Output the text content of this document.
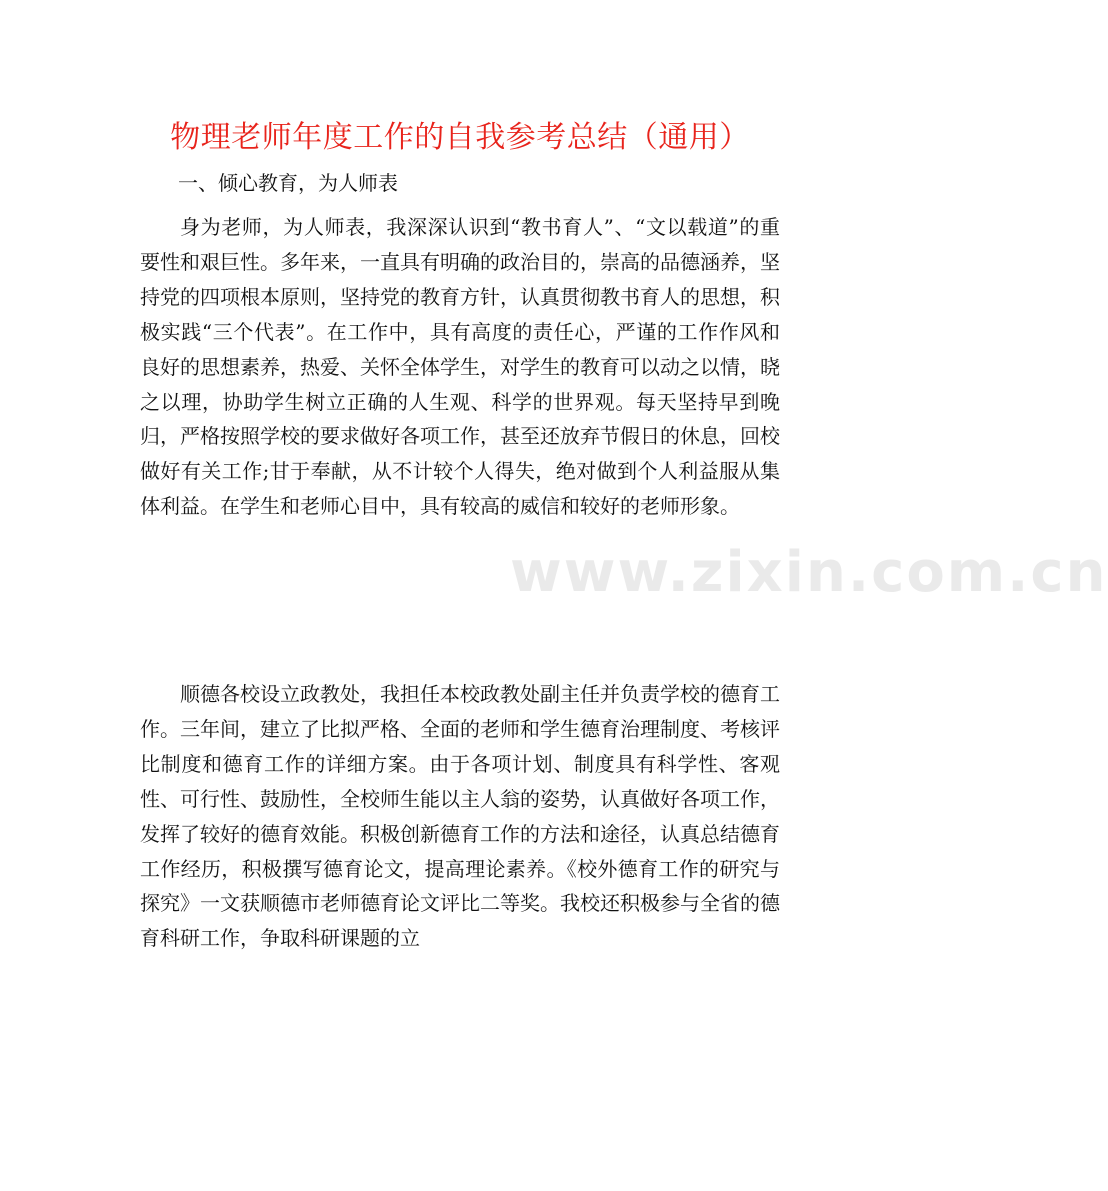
www.zixin.com.cn
物理老师年度工作的自我参考总结（通用）
一、倾心教育，为人师表

身为老师，为人师表，我深深认识到“教书育人”、“文以载道”的重要性和艰巨性。多年来，一直具有明确的政治目的，崇高的品德涵养，坚持党的四项根本原则，坚持党的教育方针，认真贯彻教书育人的思想，积极实践“三个代表”。在工作中，具有高度的责任心，严谨的工作作风和良好的思想素养，热爱、关怀全体学生，对学生的教育可以动之以情，晓之以理，协助学生树立正确的人生观、科学的世界观。每天坚持早到晚归，严格按照学校的要求做好各项工作，甚至还放弃节假日的休息，回校做好有关工作;甘于奉献，从不计较个人得失，绝对做到个人利益服从集体利益。在学生和老师心目中，具有较高的威信和较好的老师形象。

顺德各校设立政教处，我担任本校政教处副主任并负责学校的德育工作。三年间，建立了比拟严格、全面的老师和学生德育治理制度、考核评比制度和德育工作的详细方案。由于各项计划、制度具有科学性、客观性、可行性、鼓励性，全校师生能以主人翁的姿势，认真做好各项工作，发挥了较好的德育效能。积极创新德育工作的方法和途径，认真总结德育工作经历，积极撰写德育论文，提高理论素养。《校外德育工作的研究与探究》一文获顺德市老师德育论文评比二等奖。我校还积极参与全省的德育科研工作，争取科研课题的立
